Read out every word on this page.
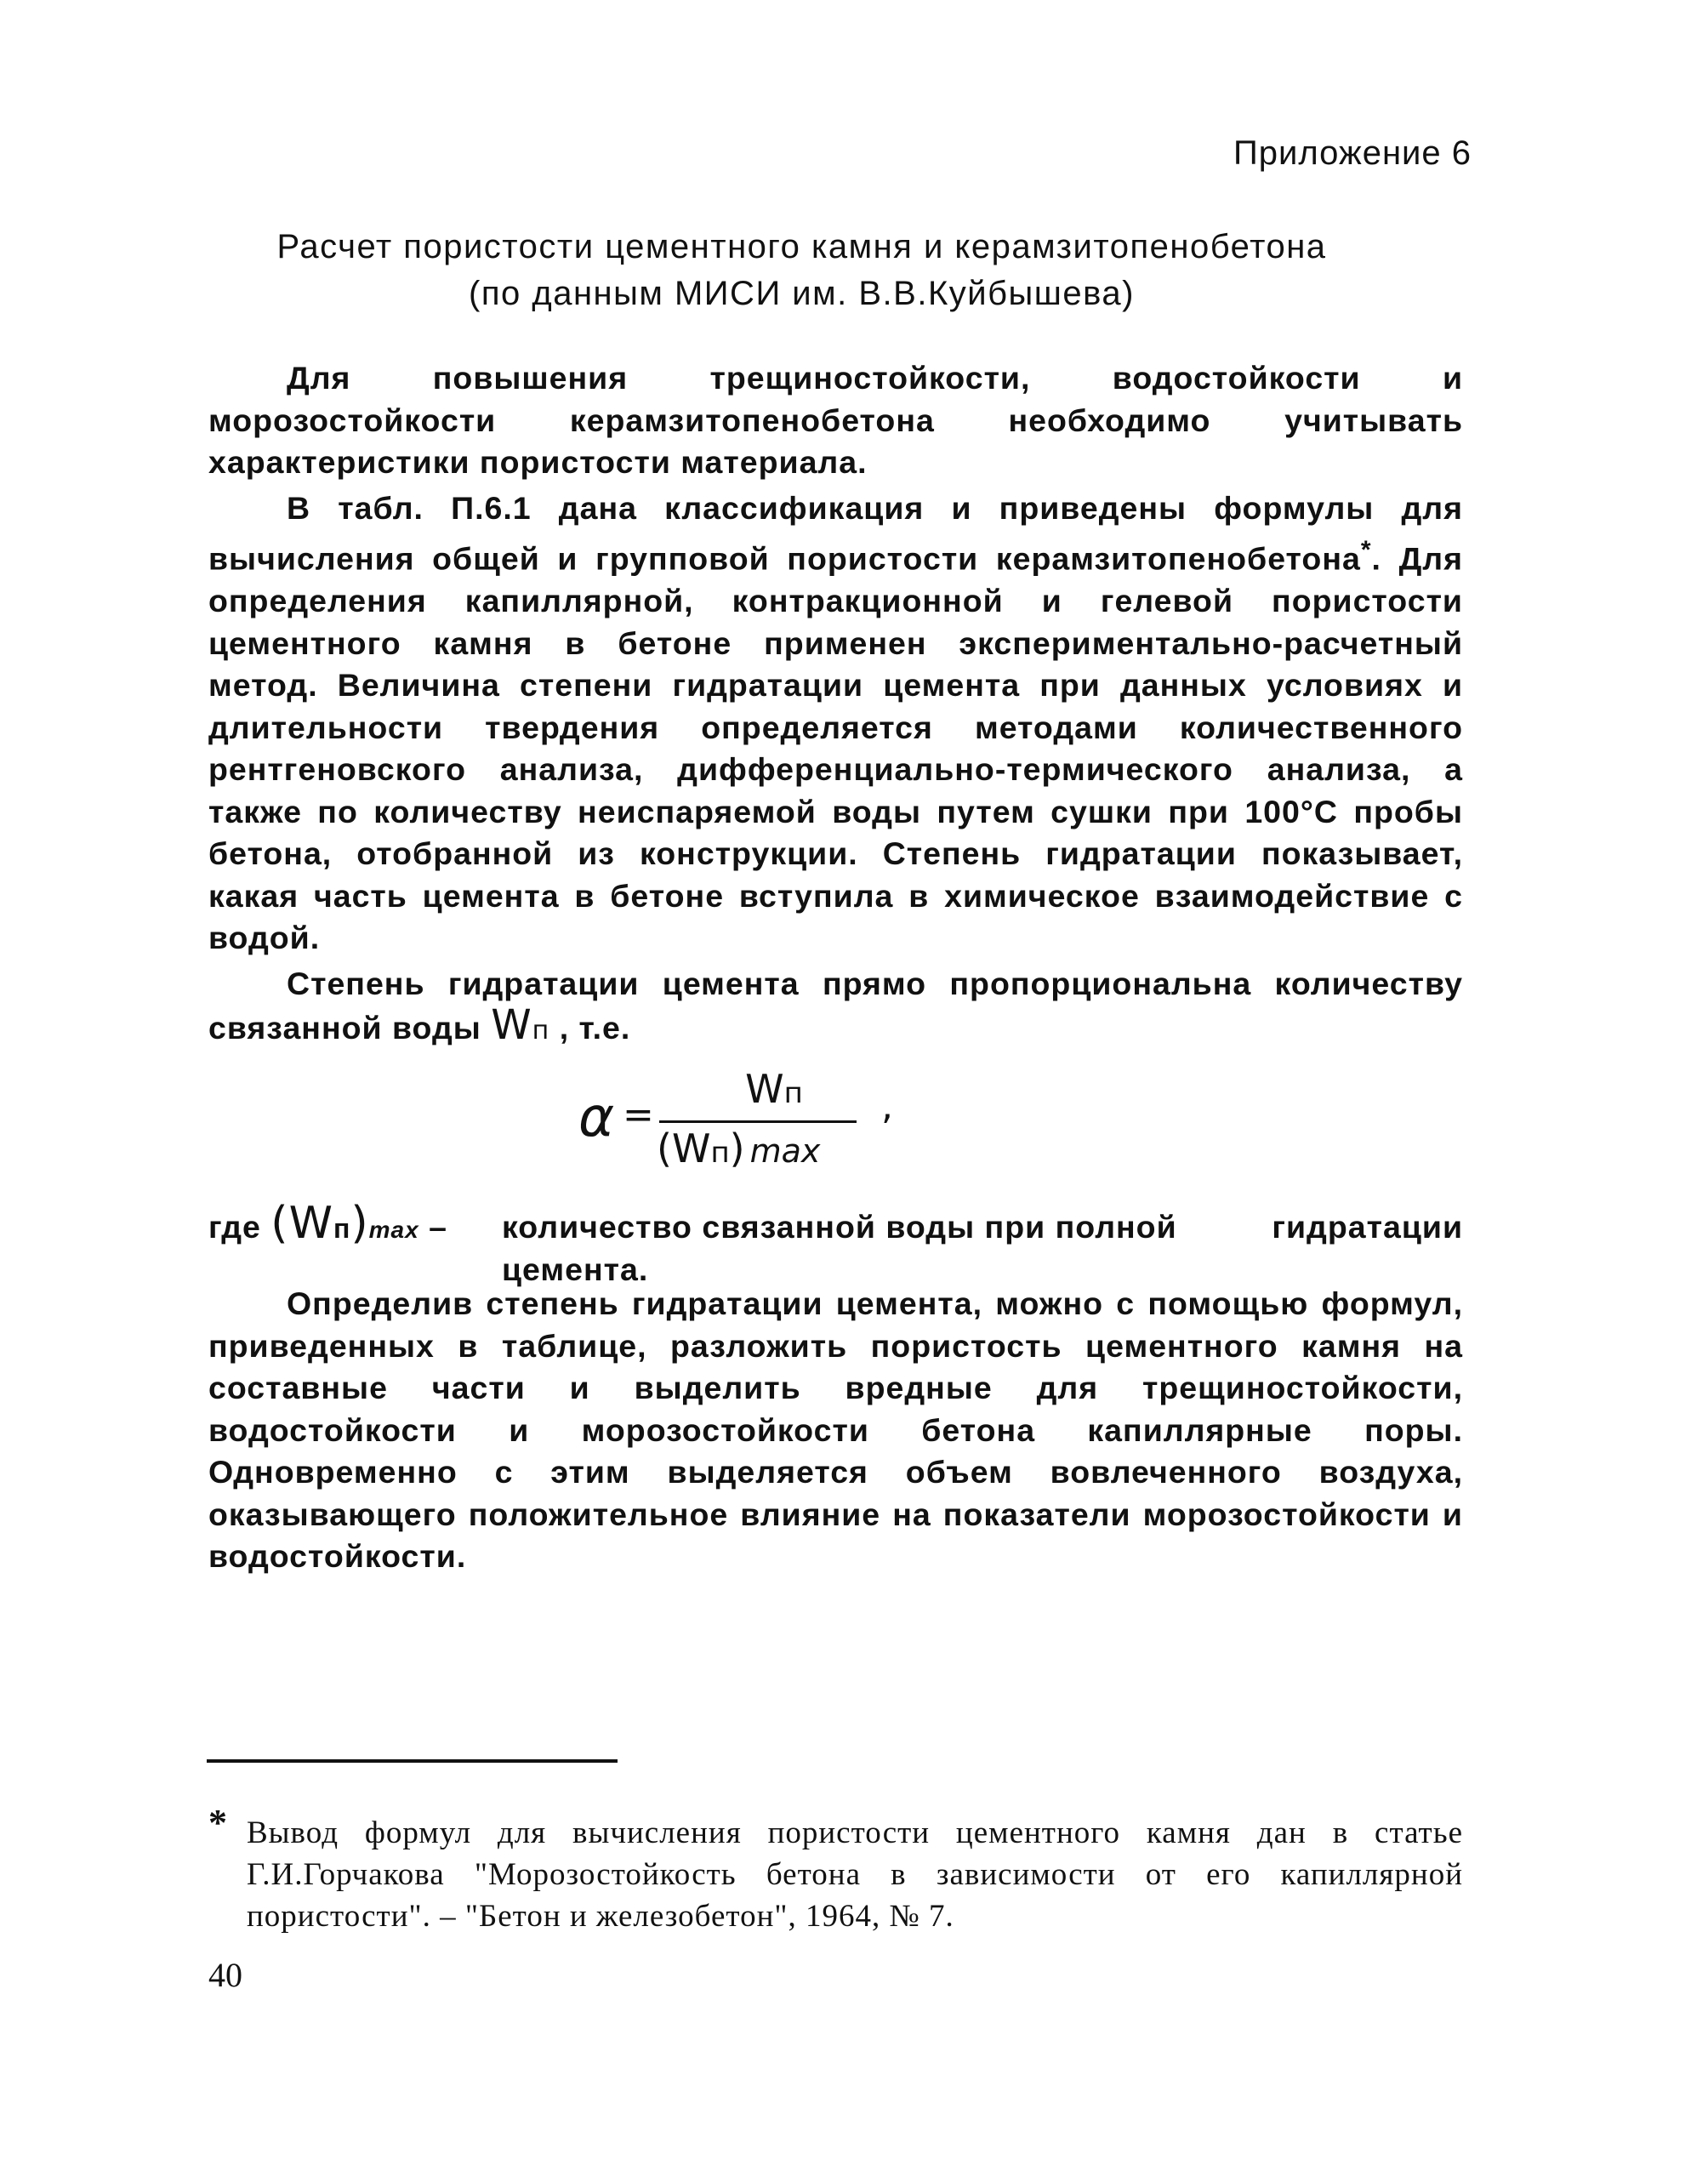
Приложение 6
Расчет пористости цементного камня и керамзитопенобетона
(по данным МИСИ им. В.В.Куйбышева)

Для повышения трещиностойкости, водостойкости и морозостойкости керамзитопенобетона необходимо учитывать характеристики пористости материала.

В табл. П.6.1 дана классификация и приведены формулы для вычисления общей и групповой пористости керамзитопенобетона*. Для определения капиллярной, контракционной и гелевой пористости цементного камня в бетоне применен экспериментально-расчетный метод. Величина степени гидратации цемента при данных условиях и длительности твердения определяется методами количественного рентгеновского анализа, дифференциально-термического анализа, а также по количеству неиспаряемой воды путем сушки при 100°С пробы бетона, отобранной из конструкции. Степень гидратации показывает, какая часть цемента в бетоне вступила в химическое взаимодействие с водой.

Степень гидратации цемента прямо пропорциональна количеству связанной воды Wп , т.е.

α =
Wп
(Wп) max
,
где (Wп)max –	количество связанной воды при полной	гидратации
цемента.

Определив степень гидратации цемента, можно с помощью формул, приведенных в таблице, разложить пористость цементного камня на составные части и выделить вредные для трещиностойкости, водостойкости и морозостойкости бетона капиллярные поры. Одновременно с этим выделяется объем вовлеченного воздуха, оказывающего положительное влияние на показатели морозостойкости и водостойкости.

* Вывод формул для вычисления пористости цементного камня дан в статье Г.И.Горчакова "Морозостойкость бетона в зависимости от его капиллярной пористости". – "Бетон и железобетон", 1964, № 7.
40
